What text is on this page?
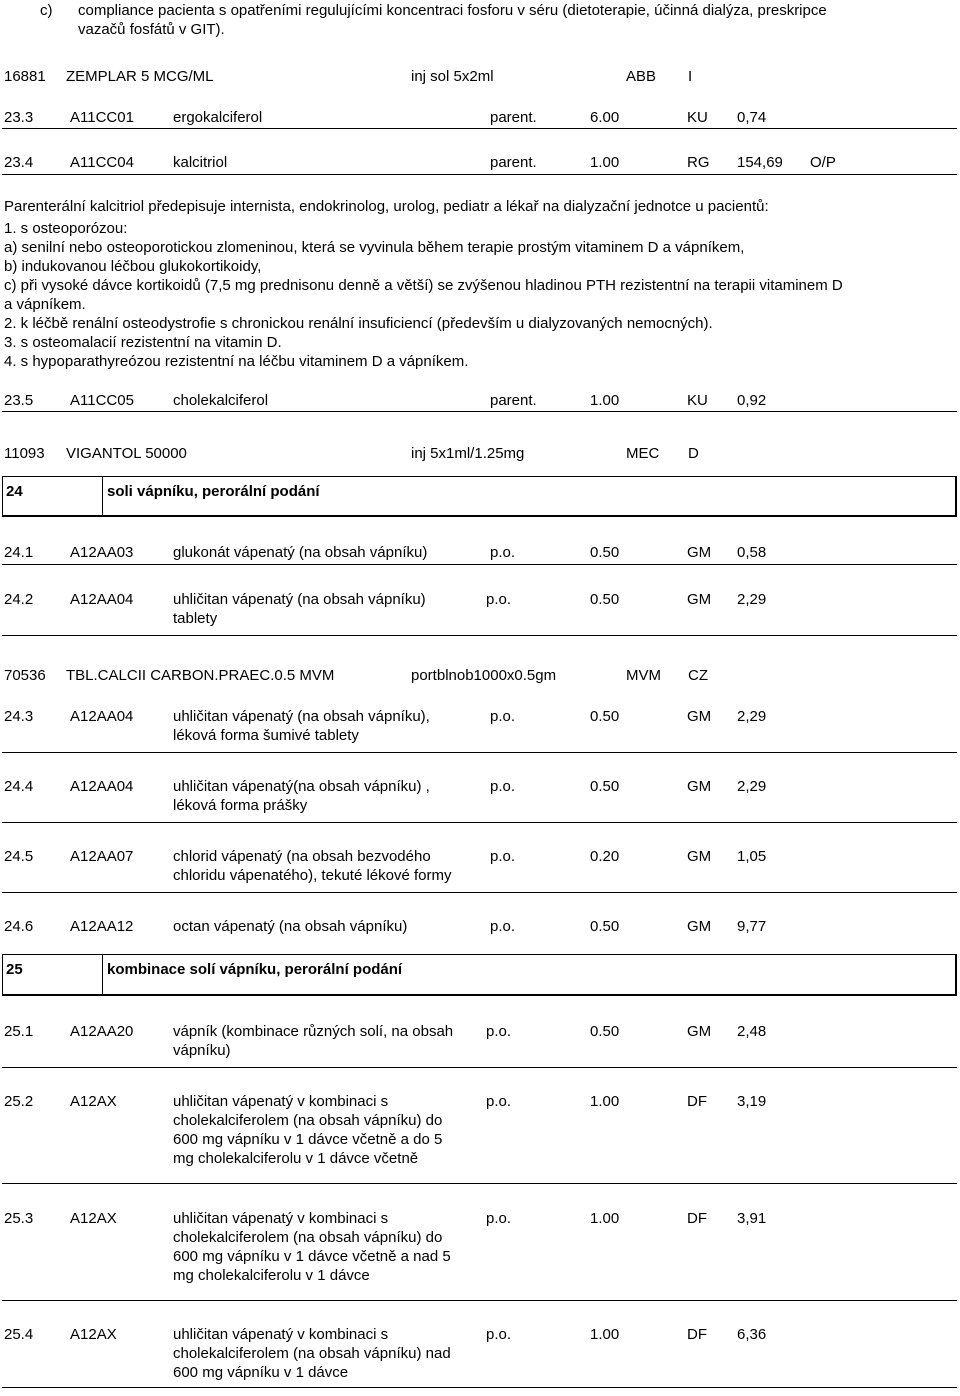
c) compliance pacienta s opatřeními regulujícími koncentraci fosforu v séru (dietoterapie, účinná dialýza, preskripce
vazačů fosfátů v GIT).
16881 ZEMPLAR 5 MCG/ML	inj sol 5x2ml	ABB I
23.3 A11CC01	ergokalciferol	parent.	6.00	KU 0,74
23.4 A11CC04	kalcitriol	parent.	1.00	RG 154,69 O/P
Parenterální kalcitriol předepisuje internista, endokrinolog, urolog, pediatr a lékař na dialyzační jednotce u pacientů:
1. s osteoporózou:
a) senilní nebo osteoporotickou zlomeninou, která se vyvinula během terapie prostým vitaminem D a vápníkem,
b) indukovanou léčbou glukokortikoidy,
c) při vysoké dávce kortikoidů (7,5 mg prednisonu denně a větší) se zvýšenou hladinou PTH rezistentní na terapii vitaminem D
a vápníkem.
2. k léčbě renální osteodystrofie s chronickou renální insuficiencí (především u dialyzovaných nemocných).
3. s osteomalacií rezistentní na vitamin D.
4. s hypoparathyreózou rezistentní na léčbu vitaminem D a vápníkem.
23.5 A11CC05	cholekalciferol	parent.	1.00	KU 0,92
11093 VIGANTOL 50000	inj 5x1ml/1.25mg	MEC D
24	soli vápníku, perorální podání
24.1 A12AA03	glukonát vápenatý (na obsah vápníku)	p.o.	0.50	GM 0,58
24.2 A12AA04	uhličitan vápenatý (na obsah vápníku)
tablety
p.o.	0.50	GM 2,29
70536 TBL.CALCII CARBON.PRAEC.0.5 MVM	portblnob1000x0.5gm	MVM CZ
24.3 A12AA04	uhličitan vápenatý (na obsah vápníku),
léková forma šumivé tablety
p.o.	0.50	GM 2,29
24.4 A12AA04	uhličitan vápenatý(na obsah vápníku) ,
léková forma prášky
p.o.	0.50	GM 2,29
24.5 A12AA07	chlorid vápenatý (na obsah bezvodého
chloridu vápenatého), tekuté lékové formy
p.o.	0.20	GM 1,05
24.6 A12AA12	octan vápenatý (na obsah vápníku)	p.o.	0.50	GM 9,77
25	kombinace solí vápníku, perorální podání
25.1 A12AA20	vápník (kombinace různých solí, na obsah
vápníku)
p.o.	0.50	GM 2,48
25.2 A12AX	uhličitan vápenatý v kombinaci s
cholekalciferolem (na obsah vápníku) do
600 mg vápníku v 1 dávce včetně a do 5
mg cholekalciferolu v 1 dávce včetně
p.o.	1.00	DF 3,19
25.3 A12AX	uhličitan vápenatý v kombinaci s
cholekalciferolem (na obsah vápníku) do
600 mg vápníku v 1 dávce včetně a nad 5
mg cholekalciferolu v 1 dávce
p.o.	1.00	DF 3,91
25.4 A12AX	uhličitan vápenatý v kombinaci s
cholekalciferolem (na obsah vápníku) nad
600 mg vápníku v 1 dávce
p.o.	1.00	DF 6,36
